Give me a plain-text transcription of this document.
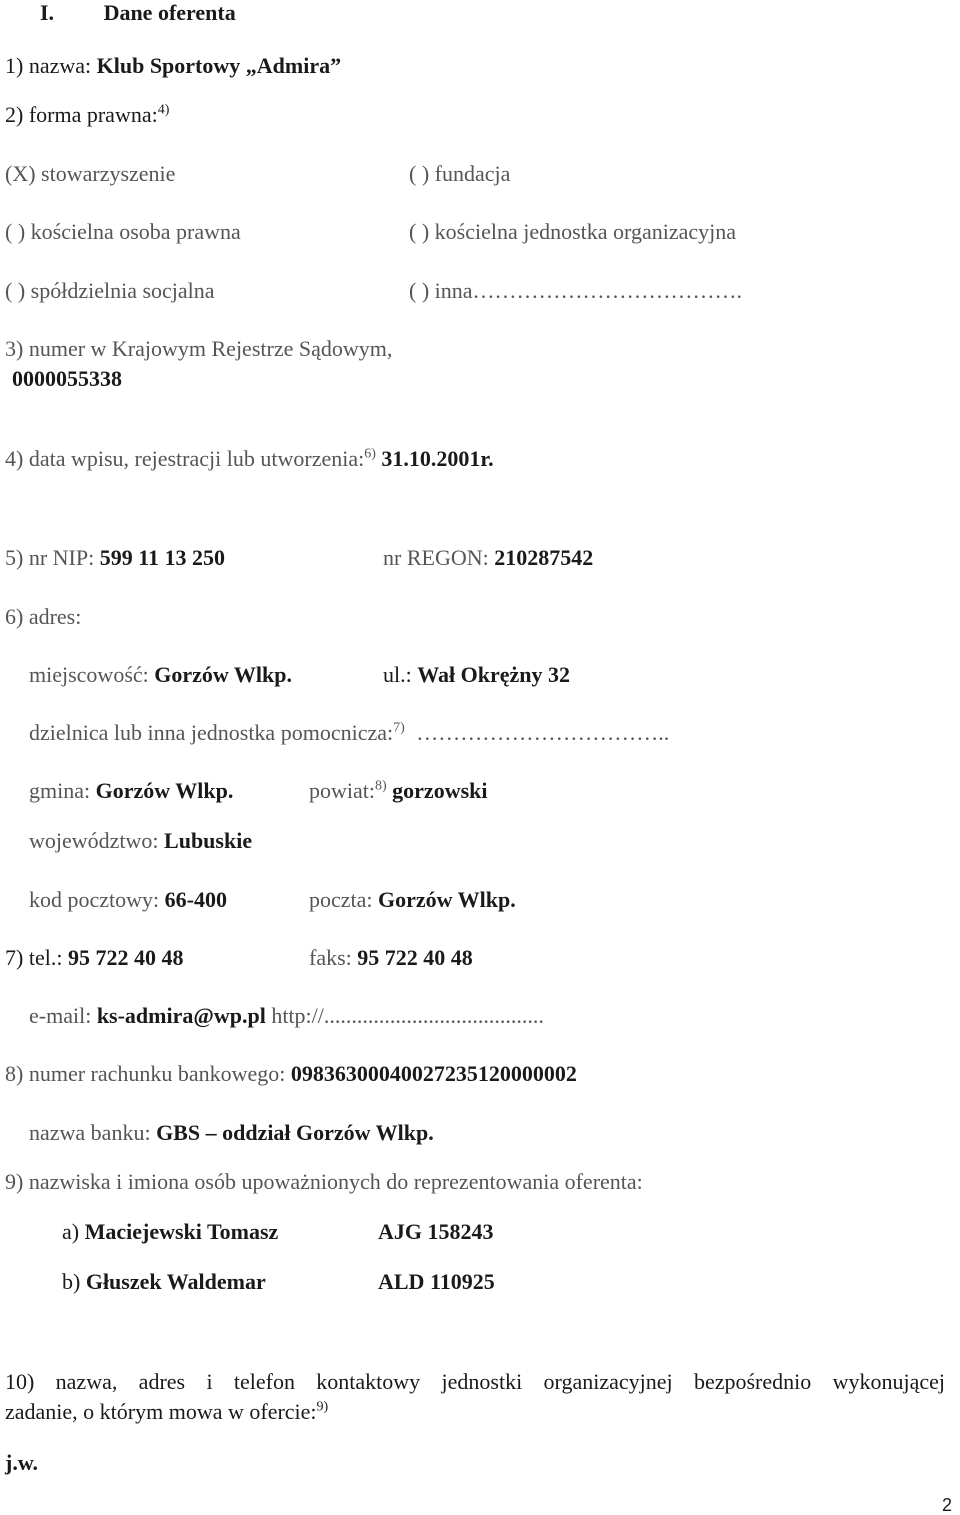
I. Dane oferenta
1) nazwa: Klub Sportowy „Admira”
2) forma prawna:$^{4)}$
(X) stowarzyszenie	( ) fundacja
( ) kościelna osoba prawna	( ) kościelna jednostka organizacyjna
( ) spółdzielnia socjalna	( ) inna……………………………….
3) numer w Krajowym Rejestrze Sądowym,
0000055338
4) data wpisu, rejestracji lub utworzenia:$^{6)}$ 31.10.2001r.
5) nr NIP: 599 11 13 250	nr REGON: 210287542
6) adres:
miejscowość: Gorzów Wlkp.	ul.: Wał Okrężny 32
dzielnica lub inna jednostka pomocnicza:$^{7)}$ ……………………………..
gmina: Gorzów Wlkp.	powiat:$^{8)}$ gorzowski
województwo: Lubuskie
kod pocztowy: 66-400	poczta: Gorzów Wlkp.
7) tel.: 95 722 40 48	faks: 95 722 40 48
e-mail: ks-admira@wp.pl http://........................................
8) numer rachunku bankowego: 09836300040027235120000002
nazwa banku: GBS – oddział Gorzów Wlkp.
9) nazwiska i imiona osób upoważnionych do reprezentowania oferenta:
a) Maciejewski Tomasz	AJG 158243
b) Głuszek Waldemar	ALD 110925
10) nazwa, adres i telefon kontaktowy jednostki organizacyjnej bezpośrednio wykonującej
zadanie, o którym mowa w ofercie:$^{9)}$
j.w.
2
